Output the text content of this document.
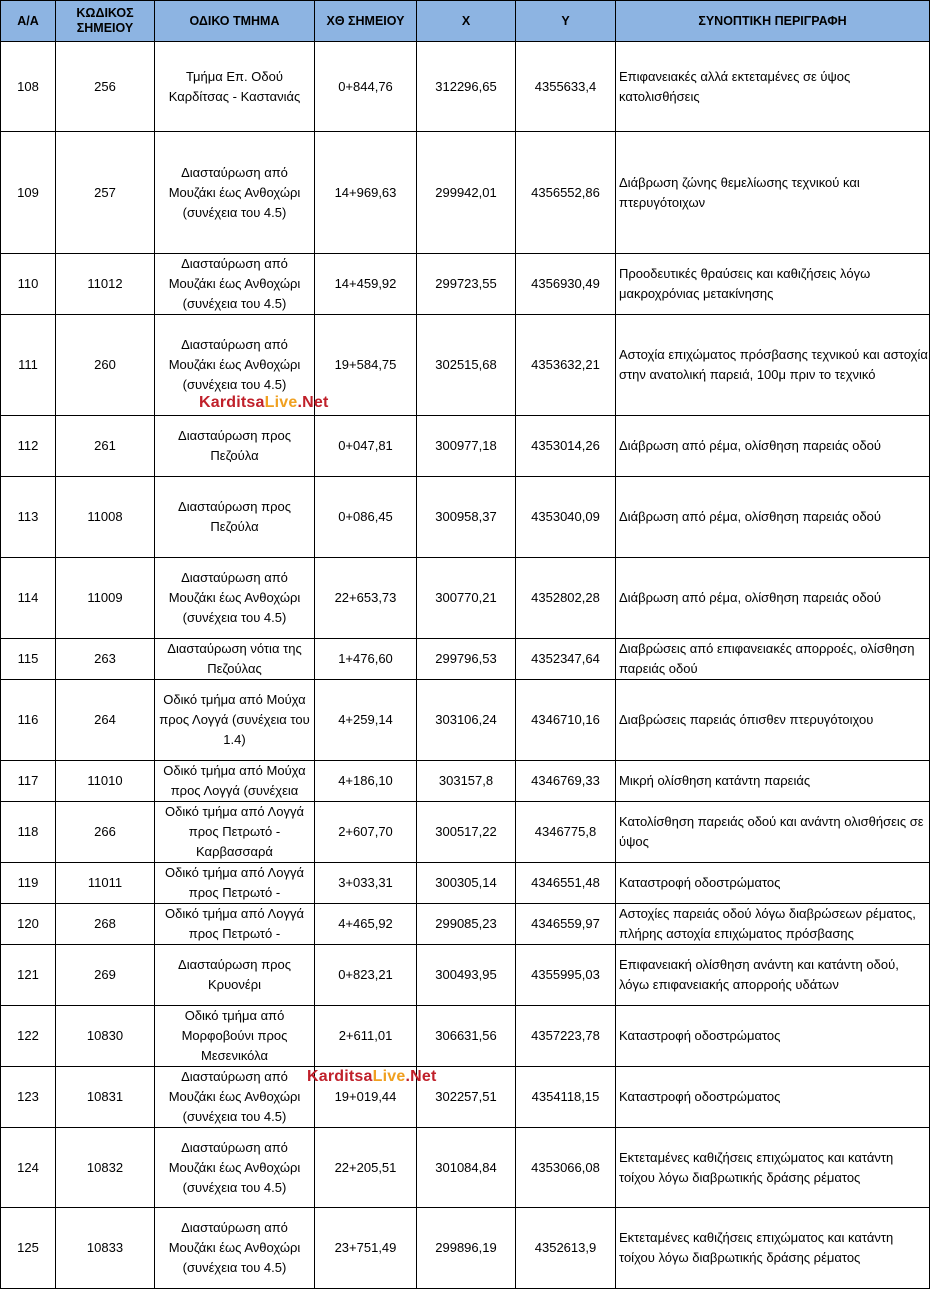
Α/Α	ΚΩΔΙΚΟΣ ΣΗΜΕΙΟΥ	ΟΔΙΚΟ ΤΜΗΜΑ	ΧΘ ΣΗΜΕΙΟΥ	Χ	Υ	ΣΥΝΟΠΤΙΚΗ ΠΕΡΙΓΡΑΦΗ
108	256	Τμήμα Επ. Οδού Καρδίτσας - Καστανιάς	0+844,76	312296,65	4355633,4	Επιφανειακές αλλά εκτεταμένες σε ύψος κατολισθήσεις
109	257	Διασταύρωση από Μουζάκι έως Ανθοχώρι (συνέχεια του 4.5)	14+969,63	299942,01	4356552,86	Διάβρωση ζώνης θεμελίωσης τεχνικού και πτερυγότοιχων
110	11012	Διασταύρωση από Μουζάκι έως Ανθοχώρι (συνέχεια του 4.5)	14+459,92	299723,55	4356930,49	Προοδευτικές θραύσεις και καθιζήσεις λόγω μακροχρόνιας μετακίνησης
111	260	Διασταύρωση από Μουζάκι έως Ανθοχώρι (συνέχεια του 4.5)	19+584,75	302515,68	4353632,21	Αστοχία επιχώματος πρόσβασης τεχνικού και αστοχία στην ανατολική παρειά, 100μ πριν το τεχνικό
112	261	Διασταύρωση προς Πεζούλα	0+047,81	300977,18	4353014,26	Διάβρωση από ρέμα, ολίσθηση παρειάς οδού
113	11008	Διασταύρωση προς Πεζούλα	0+086,45	300958,37	4353040,09	Διάβρωση από ρέμα, ολίσθηση παρειάς οδού
114	11009	Διασταύρωση από Μουζάκι έως Ανθοχώρι (συνέχεια του 4.5)	22+653,73	300770,21	4352802,28	Διάβρωση από ρέμα, ολίσθηση παρειάς οδού
115	263	Διασταύρωση νότια της Πεζούλας	1+476,60	299796,53	4352347,64	Διαβρώσεις από επιφανειακές απορροές, ολίσθηση παρειάς οδού
116	264	Οδικό τμήμα από Μούχα προς Λογγά (συνέχεια του 1.4)	4+259,14	303106,24	4346710,16	Διαβρώσεις παρειάς όπισθεν πτερυγότοιχου
117	11010	Οδικό τμήμα από Μούχα προς Λογγά (συνέχεια	4+186,10	303157,8	4346769,33	Μικρή ολίσθηση κατάντη παρειάς
118	266	Οδικό τμήμα από Λογγά προς Πετρωτό - Καρβασσαρά	2+607,70	300517,22	4346775,8	Κατολίσθηση παρειάς οδού και ανάντη ολισθήσεις σε ύψος
119	11011	Οδικό τμήμα από Λογγά προς Πετρωτό -	3+033,31	300305,14	4346551,48	Καταστροφή οδοστρώματος
120	268	Οδικό τμήμα από Λογγά προς Πετρωτό -	4+465,92	299085,23	4346559,97	Αστοχίες παρειάς οδού λόγω διαβρώσεων ρέματος, πλήρης αστοχία επιχώματος πρόσβασης
121	269	Διασταύρωση προς Κρυονέρι	0+823,21	300493,95	4355995,03	Επιφανειακή ολίσθηση ανάντη και κατάντη οδού, λόγω επιφανειακής απορροής υδάτων
122	10830	Οδικό τμήμα από Μορφοβούνι προς Μεσενικόλα	2+611,01	306631,56	4357223,78	Καταστροφή οδοστρώματος
123	10831	Διασταύρωση από Μουζάκι έως Ανθοχώρι (συνέχεια του 4.5)	19+019,44	302257,51	4354118,15	Καταστροφή οδοστρώματος
124	10832	Διασταύρωση από Μουζάκι έως Ανθοχώρι (συνέχεια του 4.5)	22+205,51	301084,84	4353066,08	Εκτεταμένες καθιζήσεις επιχώματος και κατάντη τοίχου λόγω διαβρωτικής δράσης ρέματος
125	10833	Διασταύρωση από Μουζάκι έως Ανθοχώρι (συνέχεια του 4.5)	23+751,49	299896,19	4352613,9	Εκτεταμένες καθιζήσεις επιχώματος και κατάντη τοίχου λόγω διαβρωτικής δράσης ρέματος
KarditsaLive.Net
KarditsaLive.Net
